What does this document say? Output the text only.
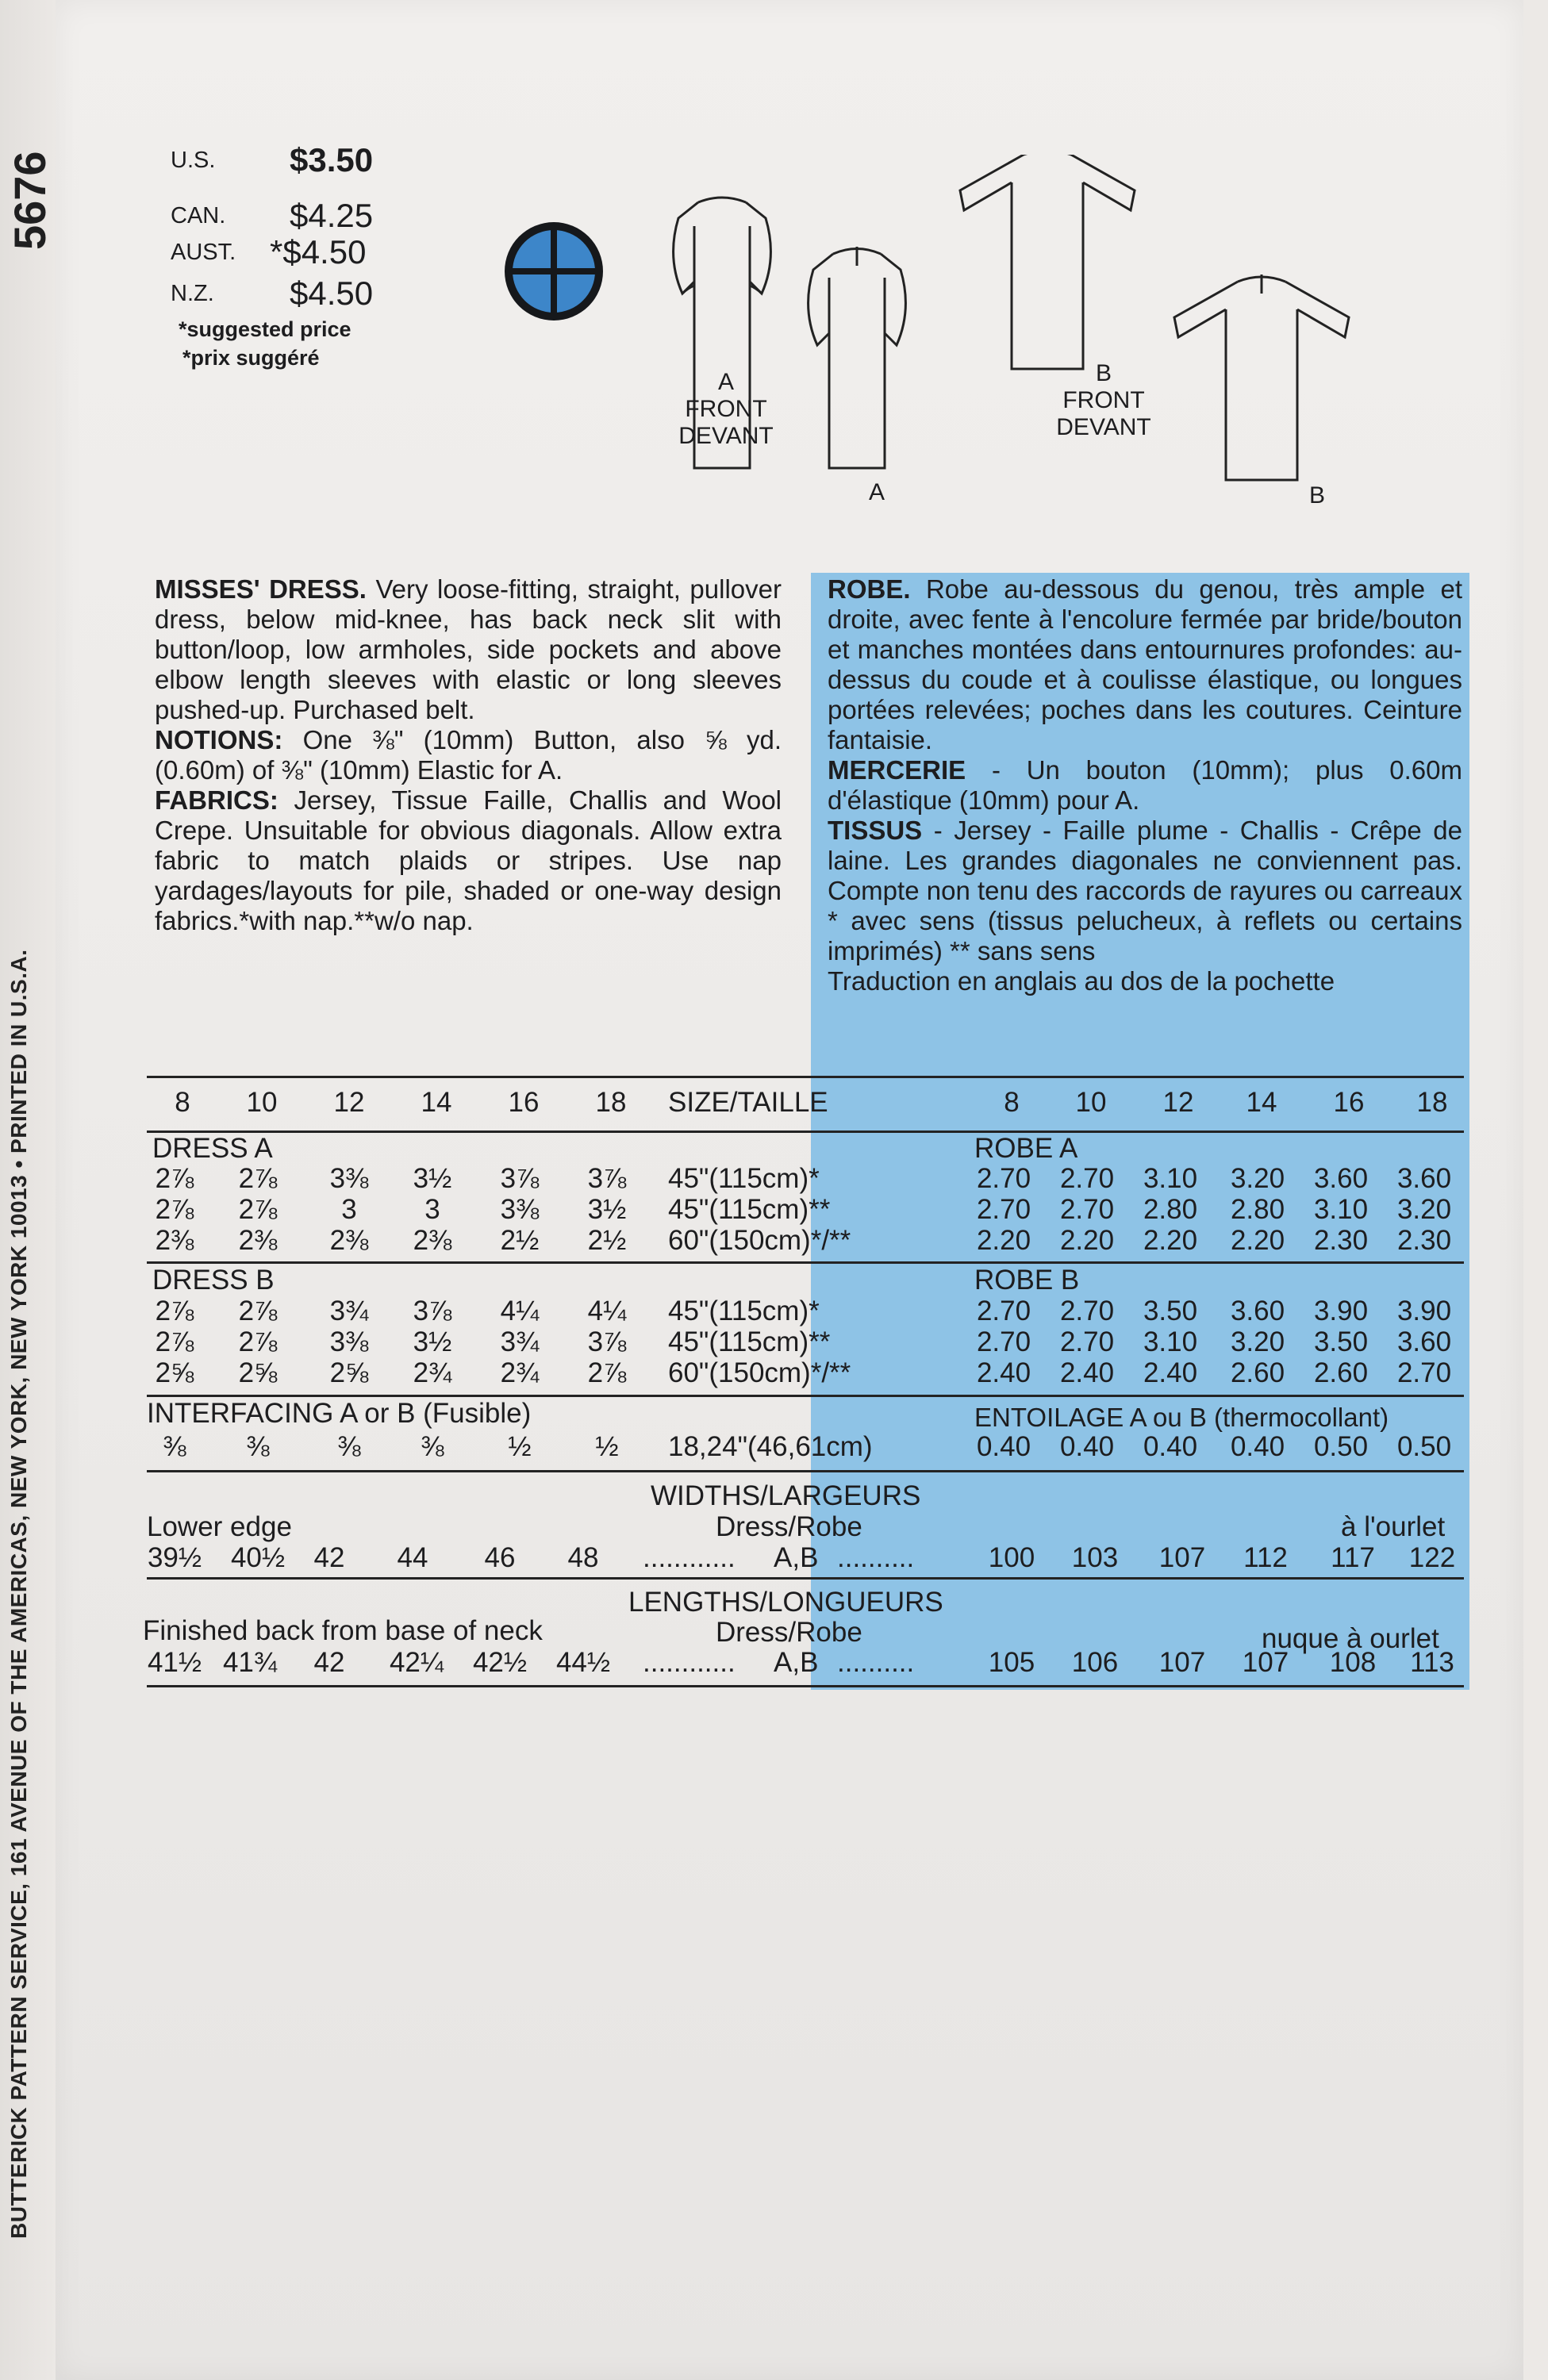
BUTTERICK PATTERN SERVICE, 161 AVENUE OF THE AMERICAS, NEW YORK, NEW YORK 10013 • PRINTED IN U.S.A.
5676	U.S. $3.50
CAN. $4.25
AUST. *$4.50
N.Z. $4.50
*suggested price
*prix suggéré
A
FRONT
DEVANT
A
B
FRONT
DEVANT
B
MISSES' DRESS. Very loose-fitting, straight, pullover dress, below mid-knee, has back neck slit with button/loop, low armholes, side pockets and above elbow length sleeves with elastic or long sleeves pushed-up. Purchased belt.
NOTIONS: One ⅜" (10mm) Button, also ⅝ yd. (0.60m) of ⅜" (10mm) Elastic for A.
FABRICS: Jersey, Tissue Faille, Challis and Wool Crepe. Unsuitable for obvious diagonals. Allow extra fabric to match plaids or stripes. Use nap yardages/layouts for pile, shaded or one-way design fabrics.*with nap.**w/o nap.
ROBE. Robe au-dessous du genou, très ample et droite, avec fente à l'encolure fermée par bride/bouton et manches montées dans entournures profondes: au-dessus du coude et à coulisse élastique, ou longues portées relevées; poches dans les coutures. Ceinture fantaisie.
MERCERIE - Un bouton (10mm); plus 0.60m d'élastique (10mm) pour A.
TISSUS - Jersey - Faille plume - Challis - Crêpe de laine. Les grandes diagonales ne conviennent pas. Compte non tenu des raccords de rayures ou carreaux * avec sens (tissus pelucheux, à reflets ou certains imprimés) ** sans sens
Traduction en anglais au dos de la pochette
8	10	12	14	16	18	SIZE/TAILLE	8	10	12	14	16	18
DRESS A	ROBE A
2⅞	2⅞	3⅜	3½	3⅞	3⅞	45"(115cm)*	2.70 2.70 3.10 3.20 3.60 3.60
2⅞	2⅞	3	3	3⅜	3½	45"(115cm)**	2.70 2.70 2.80 2.80 3.10 3.20
2⅜	2⅜	2⅜	2⅜	2½	2½	60"(150cm)*/**	2.20 2.20 2.20 2.20 2.30 2.30
DRESS B	ROBE B
2⅞	2⅞	3¾	3⅞	4¼	4¼	45"(115cm)*	2.70 2.70 3.50 3.60 3.90 3.90
2⅞	2⅞	3⅜	3½	3¾	3⅞	45"(115cm)**	2.70 2.70 3.10 3.20 3.50 3.60
2⅝	2⅝	2⅝	2¾	2¾	2⅞	60"(150cm)*/**	2.40 2.40 2.40 2.60 2.60 2.70
INTERFACING A or B (Fusible)	ENTOILAGE A ou B (thermocollant)
⅜	⅜	⅜	⅜	½	½	18,24"(46,61cm)	0.40 0.40 0.40 0.40 0.50 0.50
WIDTHS/LARGEURS
Lower edge	Dress/Robe	à l'ourlet
39½ 40½	42	44	46	48	............ A,B ..........	100	103	107	112	117	122
LENGTHS/LONGUEURS
Finished back from base of neck	Dress/Robe	nuque à ourlet
41½ 41¾	42	42¼ 42½ 44½ ............ A,B ..........	105	106	107	107	108	113
